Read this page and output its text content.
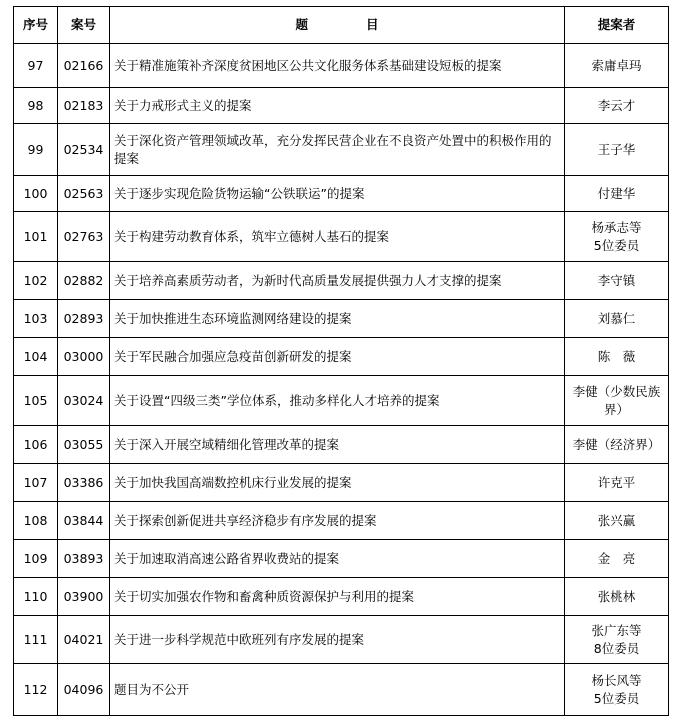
序号	案号	题 目	提案者
97	02166	关于精准施策补齐深度贫困地区公共文化服务体系基础建设短板的提案	索庸卓玛

98	02183	关于力戒形式主义的提案	李云才

99	02534	关于深化资产管理领域改革，充分发挥民营企业在不良资产处置中的积极作用的提案	王子华

100	02563	关于逐步实现危险货物运输“公铁联运”的提案	付建华

101	02763	关于构建劳动教育体系，筑牢立德树人基石的提案	杨承志等
5位委员

102	02882	关于培养高素质劳动者，为新时代高质量发展提供强力人才支撑的提案	李守镇

103	02893	关于加快推进生态环境监测网络建设的提案	刘慕仁

104	03000	关于军民融合加强应急疫苗创新研发的提案	陈　薇

105	03024	关于设置“四级三类”学位体系，推动多样化人才培养的提案	李健（少数民族
界）

106	03055	关于深入开展空域精细化管理改革的提案	李健（经济界）

107	03386	关于加快我国高端数控机床行业发展的提案	许克平

108	03844	关于探索创新促进共享经济稳步有序发展的提案	张兴赢

109	03893	关于加速取消高速公路省界收费站的提案	金　亮

110	03900	关于切实加强农作物和畜禽种质资源保护与利用的提案	张桃林

111	04021	关于进一步科学规范中欧班列有序发展的提案	张广东等
8位委员

112	04096	题目为不公开	杨长风等
5位委员
